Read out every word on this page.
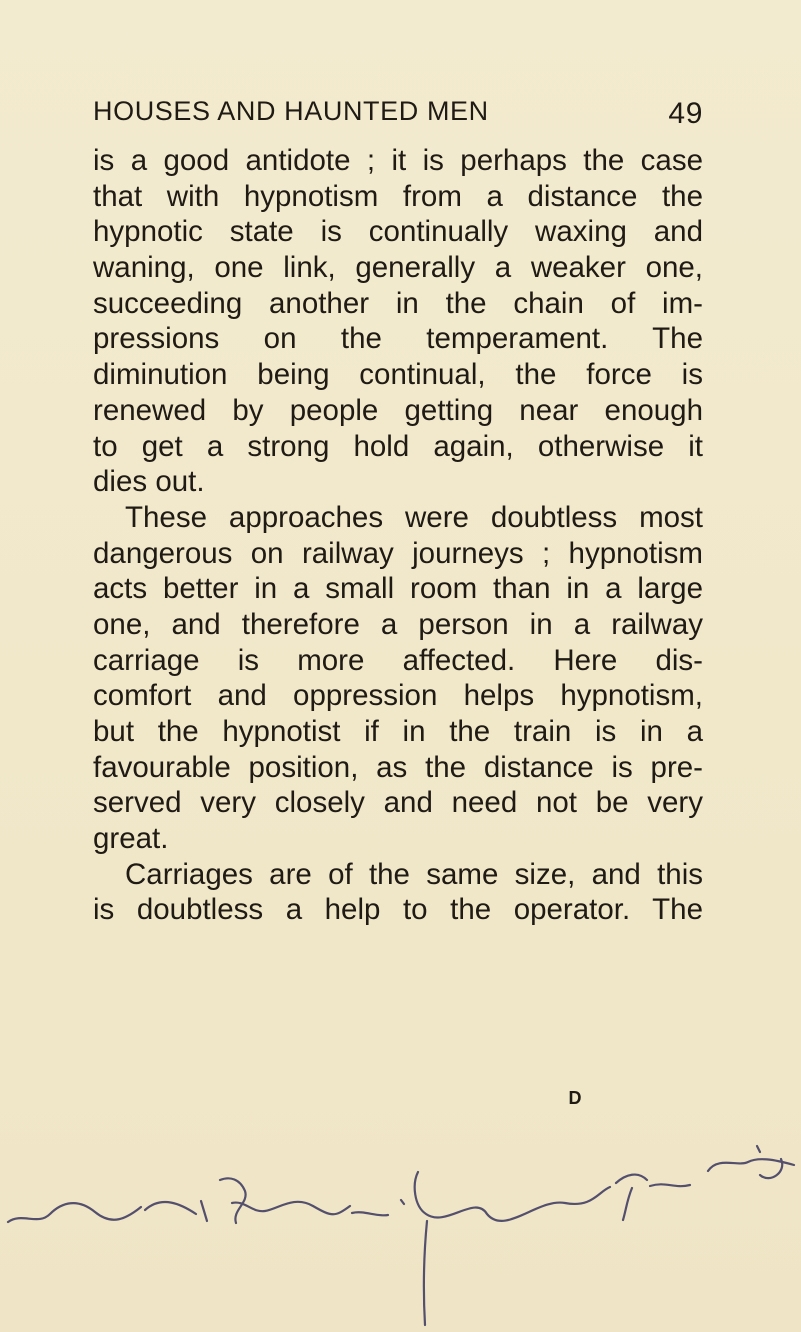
HOUSES AND HAUNTED MEN	49
is a good antidote ; it is perhaps the case
that with hypnotism from a distance the
hypnotic state is continually waxing and
waning, one link, generally a weaker one,
succeeding another in the chain of im-
pressions on the temperament. The
diminution being continual, the force is
renewed by people getting near enough
to get a strong hold again, otherwise it
dies out.
These approaches were doubtless most
dangerous on railway journeys ; hypnotism
acts better in a small room than in a large
one, and therefore a person in a railway
carriage is more affected. Here dis-
comfort and oppression helps hypnotism,
but the hypnotist if in the train is in a
favourable position, as the distance is pre-
served very closely and need not be very
great.
Carriages are of the same size, and this
is doubtless a help to the operator. The
D
